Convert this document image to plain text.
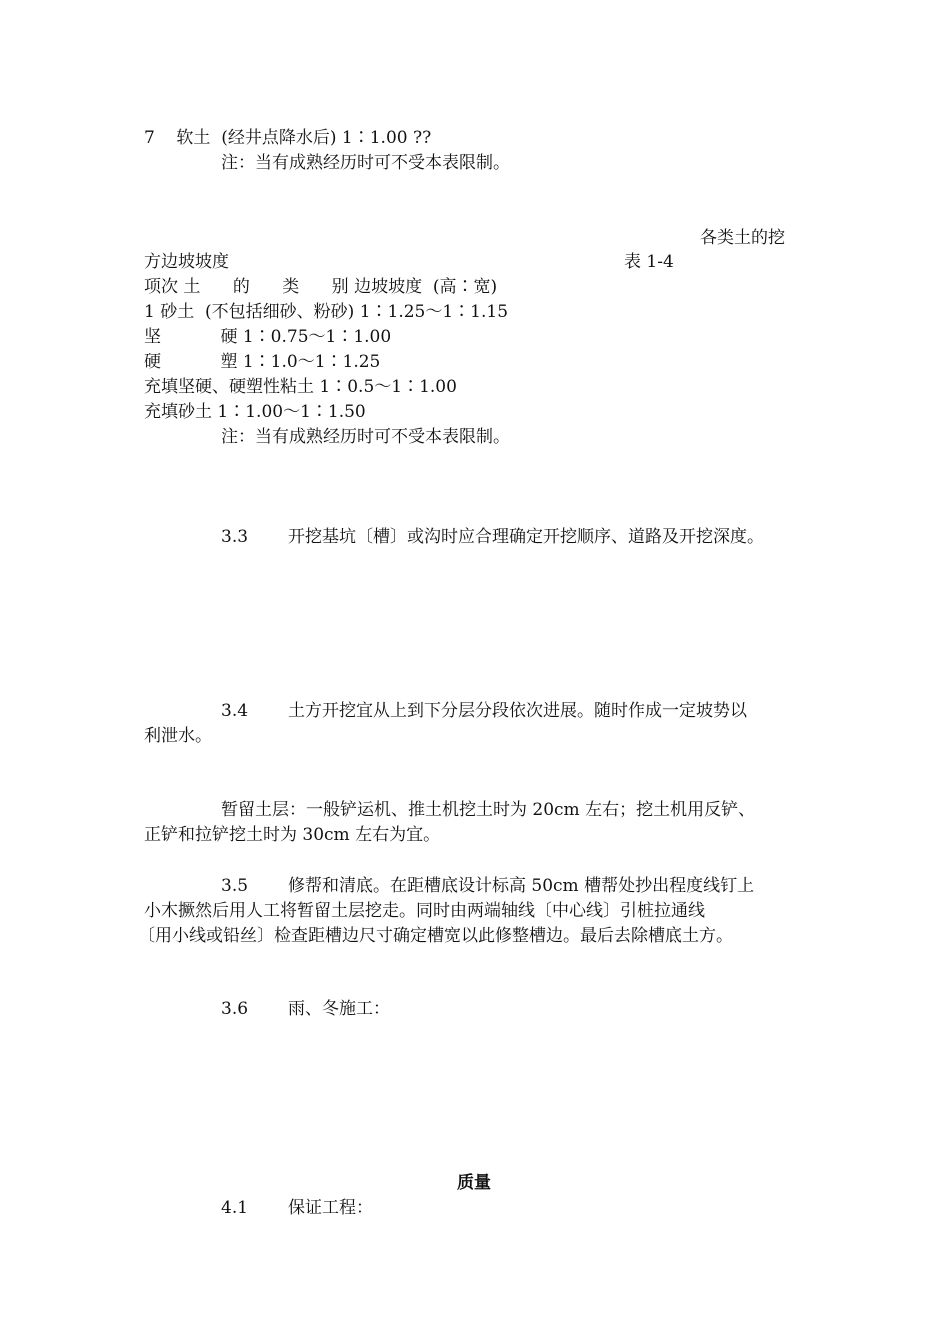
7    软土  (经井点降水后) 1∶1.00 ??
注：当有成熟经历时可不受本表限制。
各类土的挖
方边坡坡度	表 1-4
项次 土      的      类      别 边坡坡度  (高∶宽)
1 砂土  (不包括细砂、粉砂) 1∶1.25～1∶1.15
坚           硬 1∶0.75～1∶1.00
硬           塑 1∶1.0～1∶1.25
充填坚硬、硬塑性粘土 1∶0.5～1∶1.00
充填砂土 1∶1.00～1∶1.50
注：当有成熟经历时可不受本表限制。
3.3 开挖基坑〔槽〕或沟时应合理确定开挖顺序、道路及开挖深度。
3.4 土方开挖宜从上到下分层分段依次进展。随时作成一定坡势以
利泄水。
暂留土层：一般铲运机、推土机挖土时为 20cm 左右；挖土机用反铲、
正铲和拉铲挖土时为 30cm 左右为宜。
3.5 修帮和清底。在距槽底设计标高 50cm 槽帮处抄出程度线钉上
小木撅然后用人工将暂留土层挖走。同时由两端轴线〔中心线〕引桩拉通线
〔用小线或铅丝〕检查距槽边尺寸确定槽宽以此修整槽边。最后去除槽底土方。
3.6 雨、冬施工：
质量
4.1 保证工程：
